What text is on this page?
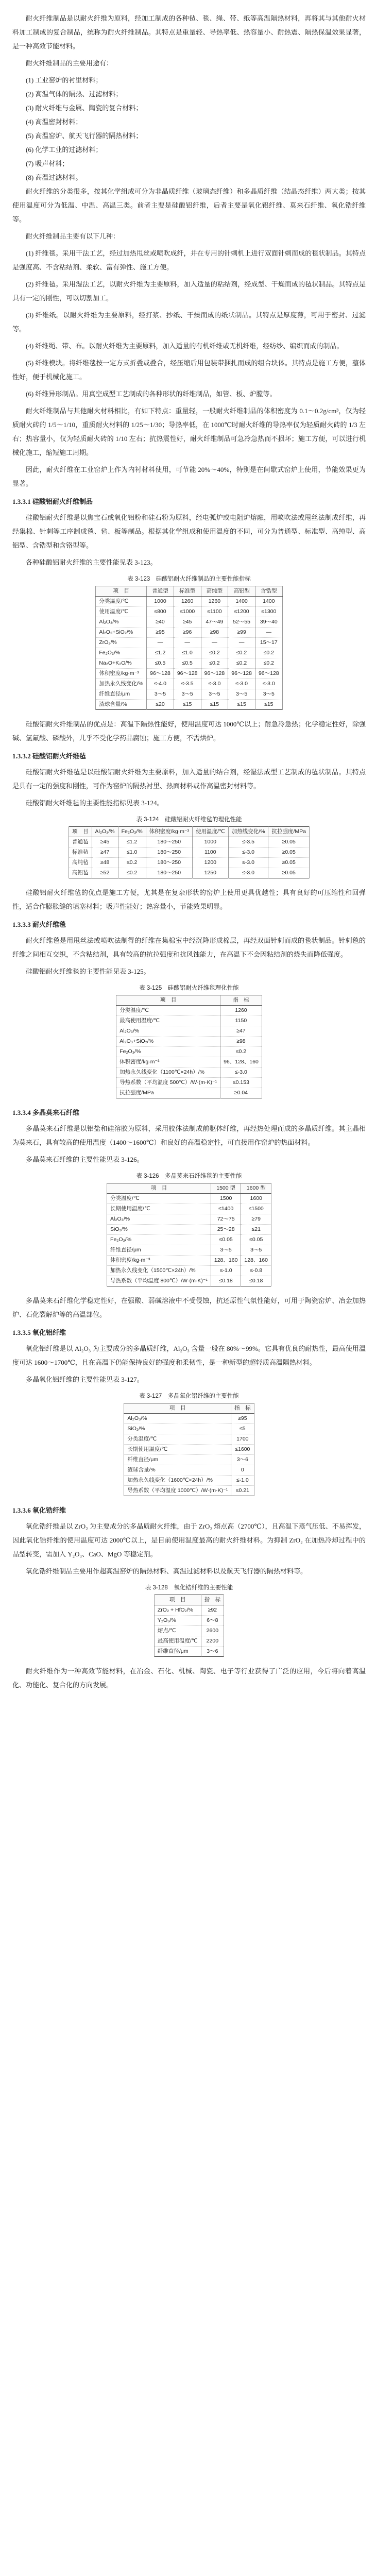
耐火纤维制品是以耐火纤维为原料，经加工制成的各种毡、毯、绳、带、纸等高温隔热材料，再将其与其他耐火材料加工制成的复合制品，统称为耐火纤维制品。其特点是重量轻、导热率低、热容量小、耐热震、隔热保温效果显著，是一种高效节能材料。

耐火纤维制品的主要用途有：

(1) 工业窑炉的衬里材料；
(2) 高温气体的隔热、过滤材料；
(3) 耐火纤维与金属、陶瓷的复合材料；
(4) 高温密封材料；
(5) 高温窑炉、航天飞行器的隔热材料；
(6) 化学工业的过滤材料；
(7) 吸声材料；
(8) 高温过滤材料。

耐火纤维的分类很多，按其化学组成可分为非晶质纤维（玻璃态纤维）和多晶质纤维（结晶态纤维）两大类；按其使用温度可分为低温、中温、高温三类。前者主要是硅酸铝纤维，后者主要是氧化铝纤维、莫来石纤维、氧化锆纤维等。

耐火纤维制品主要有以下几种：

(1) 纤维毯。采用干法工艺，经过加热甩丝或喷吹成纤，并在专用的针刺机上进行双面针刺而成的毯状制品。其特点是强度高、不含粘结剂、柔软、富有弹性、施工方便。

(2) 纤维毡。采用湿法工艺，以耐火纤维为主要原料，加入适量的粘结剂，经成型、干燥而成的毡状制品。其特点是具有一定的刚性，可以切割加工。

(3) 纤维纸。以耐火纤维为主要原料，经打浆、抄纸、干燥而成的纸状制品。其特点是厚度薄，可用于密封、过滤等。

(4) 纤维绳、带、布。以耐火纤维为主要原料，加入适量的有机纤维或无机纤维，经纺纱、编织而成的制品。

(5) 纤维模块。将纤维毯按一定方式折叠或叠合，经压缩后用包装带捆扎而成的组合块体。其特点是施工方便，整体性好，便于机械化施工。

(6) 纤维异形制品。用真空成型工艺制成的各种形状的纤维制品，如管、板、炉膛等。

耐火纤维制品与其他耐火材料相比，有如下特点：重量轻，一般耐火纤维制品的体积密度为 0.1～0.2g/cm³，仅为轻质耐火砖的 1/5～1/10，重质耐火材料的 1/25～1/30；导热率低，在 1000℃时耐火纤维的导热率仅为轻质耐火砖的 1/3 左右；热容量小，仅为轻质耐火砖的 1/10 左右；抗热震性好，耐火纤维制品可急冷急热而不损坏；施工方便，可以进行机械化施工，缩短施工周期。

因此，耐火纤维在工业窑炉上作为内衬材料使用，可节能 20%～40%，特别是在间歇式窑炉上使用，节能效果更为显著。

1.3.3.1 硅酸铝耐火纤维制品

硅酸铝耐火纤维是以焦宝石或氧化铝粉和硅石粉为原料，经电弧炉或电阻炉熔融，用喷吹法或甩丝法制成纤维，再经集棉、针刺等工序制成毯、毡、板等制品。根据其化学组成和使用温度的不同，可分为普通型、标准型、高纯型、高铝型、含锆型和含铬型等。

各种硅酸铝耐火纤维的主要性能见表 3-123。

表 3-123　硅酸铝耐火纤维制品的主要性能指标
项　目	普通型	标准型	高纯型	高铝型	含锆型
分类温度/℃	1000	1260	1260	1400	1400
使用温度/℃	≤800	≤1000	≤1100	≤1200	≤1300
Al₂O₃/%	≥40	≥45	47～49	52～55	39～40
Al₂O₃+SiO₂/%	≥95	≥96	≥98	≥99	—
ZrO₂/%	—	—	—	—	15～17
Fe₂O₃/%	≤1.2	≤1.0	≤0.2	≤0.2	≤0.2
Na₂O+K₂O/%	≤0.5	≤0.5	≤0.2	≤0.2	≤0.2
体积密度/kg·m⁻³	96～128	96～128	96～128	96～128	96～128
加热永久线变化/%	≤-4.0	≤-3.5	≤-3.0	≤-3.0	≤-3.0
纤维直径/μm	3～5	3～5	3～5	3～5	3～5
渣球含量/%	≤20	≤15	≤15	≤15	≤15

硅酸铝耐火纤维制品的优点是：高温下隔热性能好，使用温度可达 1000℃以上；耐急冷急热；化学稳定性好，除强碱、氢氟酸、磷酸外，几乎不受化学药品腐蚀；施工方便，不需烘炉。

1.3.3.2 硅酸铝耐火纤维毡

硅酸铝耐火纤维毡是以硅酸铝耐火纤维为主要原料，加入适量的结合剂，经湿法成型工艺制成的毡状制品。其特点是具有一定的强度和刚性，可作为窑炉的隔热衬里、热面材料或作高温密封材料等。

硅酸铝耐火纤维毡的主要性能指标见表 3-124。

表 3-124　硅酸铝耐火纤维毡的理化性能
项　目	Al₂O₃/%	Fe₂O₃/%	体积密度/kg·m⁻³	使用温度/℃	加热线变化/%	抗拉强度/MPa
普通毡	≥45	≤1.2	180～250	1000	≤-3.5	≥0.05
标准毡	≥47	≤1.0	180～250	1100	≤-3.0	≥0.05
高纯毡	≥48	≤0.2	180～250	1200	≤-3.0	≥0.05
高铝毡	≥52	≤0.2	180～250	1250	≤-3.0	≥0.05

硅酸铝耐火纤维毡的优点是施工方便，尤其是在复杂形状的窑炉上使用更具优越性；具有良好的可压缩性和回弹性，适合作膨胀缝的填塞材料；吸声性能好；热容量小，节能效果明显。

1.3.3.3 耐火纤维毯

耐火纤维毯是用甩丝法或喷吹法制得的纤维在集棉室中经沉降形成棉层，再经双面针刺而成的毯状制品。针刺毯的纤维之间相互交织，不含粘结剂，具有较高的抗拉强度和抗风蚀能力，在高温下不会因粘结剂的烧失而降低强度。

硅酸铝耐火纤维毯的主要性能见表 3-125。

表 3-125　硅酸铝耐火纤维毯理化性能
项　目	指　标
分类温度/℃	1260
最高使用温度/℃	1150
Al₂O₃/%	≥47
Al₂O₃+SiO₂/%	≥98
Fe₂O₃/%	≤0.2
体积密度/kg·m⁻³	96、128、160
加热永久线变化（1100℃×24h）/%	≤-3.0
导热系数（平均温度 500℃）/W·(m·K)⁻¹	≤0.153
抗拉强度/MPa	≥0.04
1.3.3.4 多晶莫来石纤维

多晶莫来石纤维是以铝盐和硅溶胶为原料，采用胶体法制成前驱体纤维，再经热处理而成的多晶质纤维。其主晶相为莫来石，具有较高的使用温度（1400～1600℃）和良好的高温稳定性，可直接用作窑炉的热面材料。

多晶莫来石纤维的主要性能见表 3-126。

表 3-126　多晶莫来石纤维毯的主要性能
项　目	1500 型	1600 型
分类温度/℃	1500	1600
长期使用温度/℃	≤1400	≤1500
Al₂O₃/%	72～75	≥79
SiO₂/%	25～28	≤21
Fe₂O₃/%	≤0.05	≤0.05
纤维直径/μm	3～5	3～5
体积密度/kg·m⁻³	128、160	128、160
加热永久线变化（1500℃×24h）/%	≤-1.0	≤-0.8
导热系数（平均温度 800℃）/W·(m·K)⁻¹	≤0.18	≤0.18

多晶莫来石纤维化学稳定性好，在强酸、弱碱溶液中不受侵蚀，抗还原性气氛性能好，可用于陶瓷窑炉、冶金加热炉、石化裂解炉等的高温部位。

1.3.3.5 氧化铝纤维

氧化铝纤维是以 Al₂O₃ 为主要成分的多晶质纤维，Al₂O₃ 含量一般在 80%～99%。它具有优良的耐热性，最高使用温度可达 1600～1700℃，且在高温下仍能保持良好的强度和柔韧性，是一种新型的超轻质高温隔热材料。

多晶氧化铝纤维的主要性能见表 3-127。

表 3-127　多晶氧化铝纤维的主要性能
项　目	指　标
Al₂O₃/%	≥95
SiO₂/%	≤5
分类温度/℃	1700
长期使用温度/℃	≤1600
纤维直径/μm	3～6
渣球含量/%	0
加热永久线变化（1600℃×24h）/%	≤-1.0
导热系数（平均温度 1000℃）/W·(m·K)⁻¹	≤0.21
1.3.3.6 氧化锆纤维

氧化锆纤维是以 ZrO₂ 为主要成分的多晶质耐火纤维，由于 ZrO₂ 熔点高（2700℃），且高温下蒸气压低、不易挥发，因此氧化锆纤维的使用温度可达 2000℃以上，是目前使用温度最高的耐火纤维材料。为抑制 ZrO₂ 在加热冷却过程中的晶型转变，需加入 Y₂O₃、CaO、MgO 等稳定剂。

氧化锆纤维制品主要用作超高温窑炉的隔热材料、高温过滤材料以及航天飞行器的隔热材料等。

表 3-128　氧化锆纤维的主要性能
项　目	指　标
ZrO₂ + HfO₂/%	≥92
Y₂O₃/%	6～8
熔点/℃	2600
最高使用温度/℃	2200
纤维直径/μm	3～6

耐火纤维作为一种高效节能材料，在冶金、石化、机械、陶瓷、电子等行业获得了广泛的应用，今后将向着高温化、功能化、复合化的方向发展。
